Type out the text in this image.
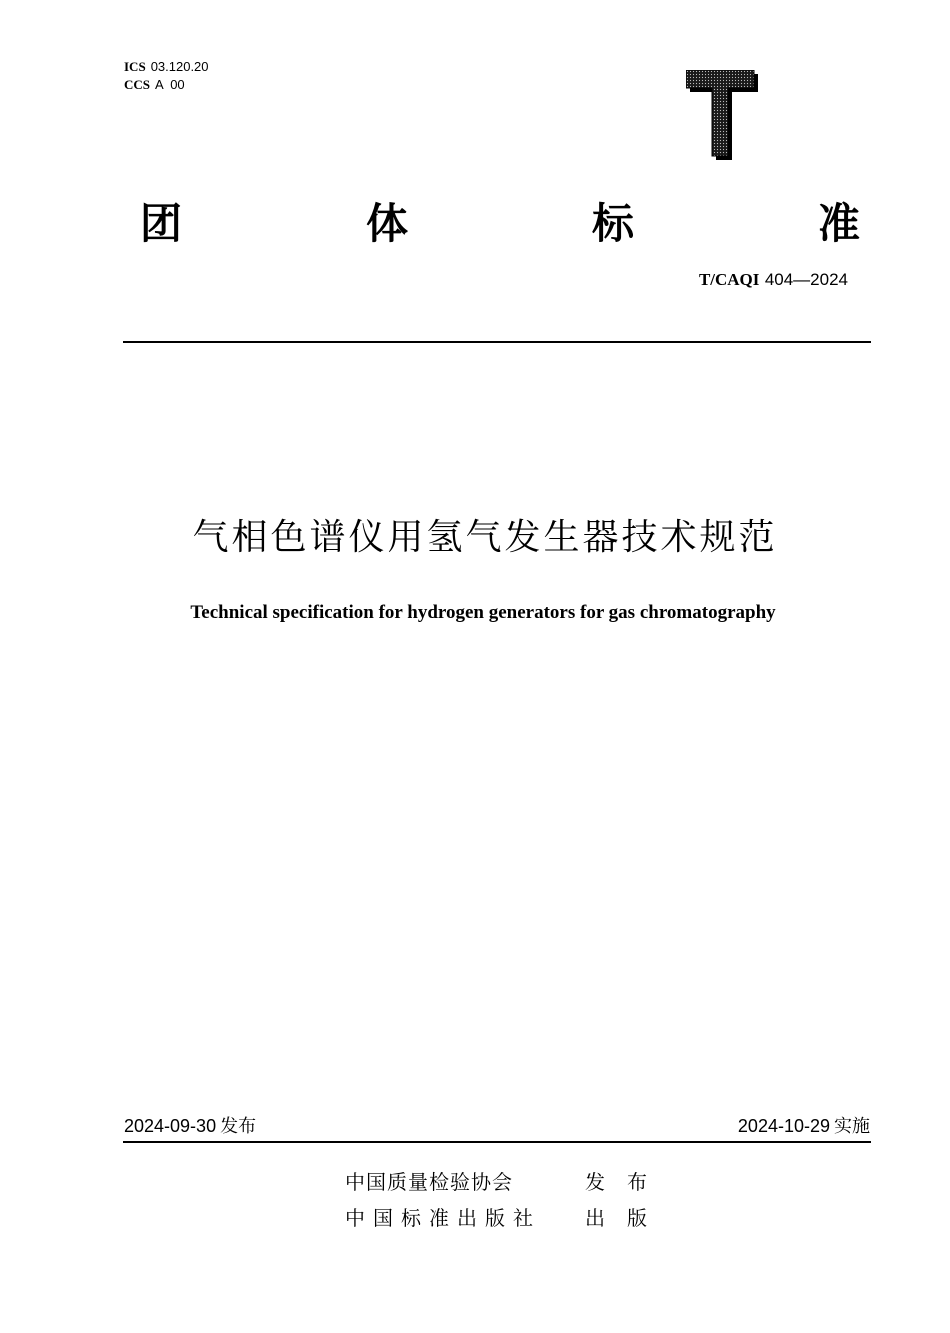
ICS 03.120.20
CCS A  00
团	体	标	准
T/CAQI 404—2024
气相色谱仪用氢气发生器技术规范
Technical specification for hydrogen generators for gas chromatography
2024-09-30 发布	2024-10-29 实施
中国质量检验协会	发布
中国标准出版社 出版
